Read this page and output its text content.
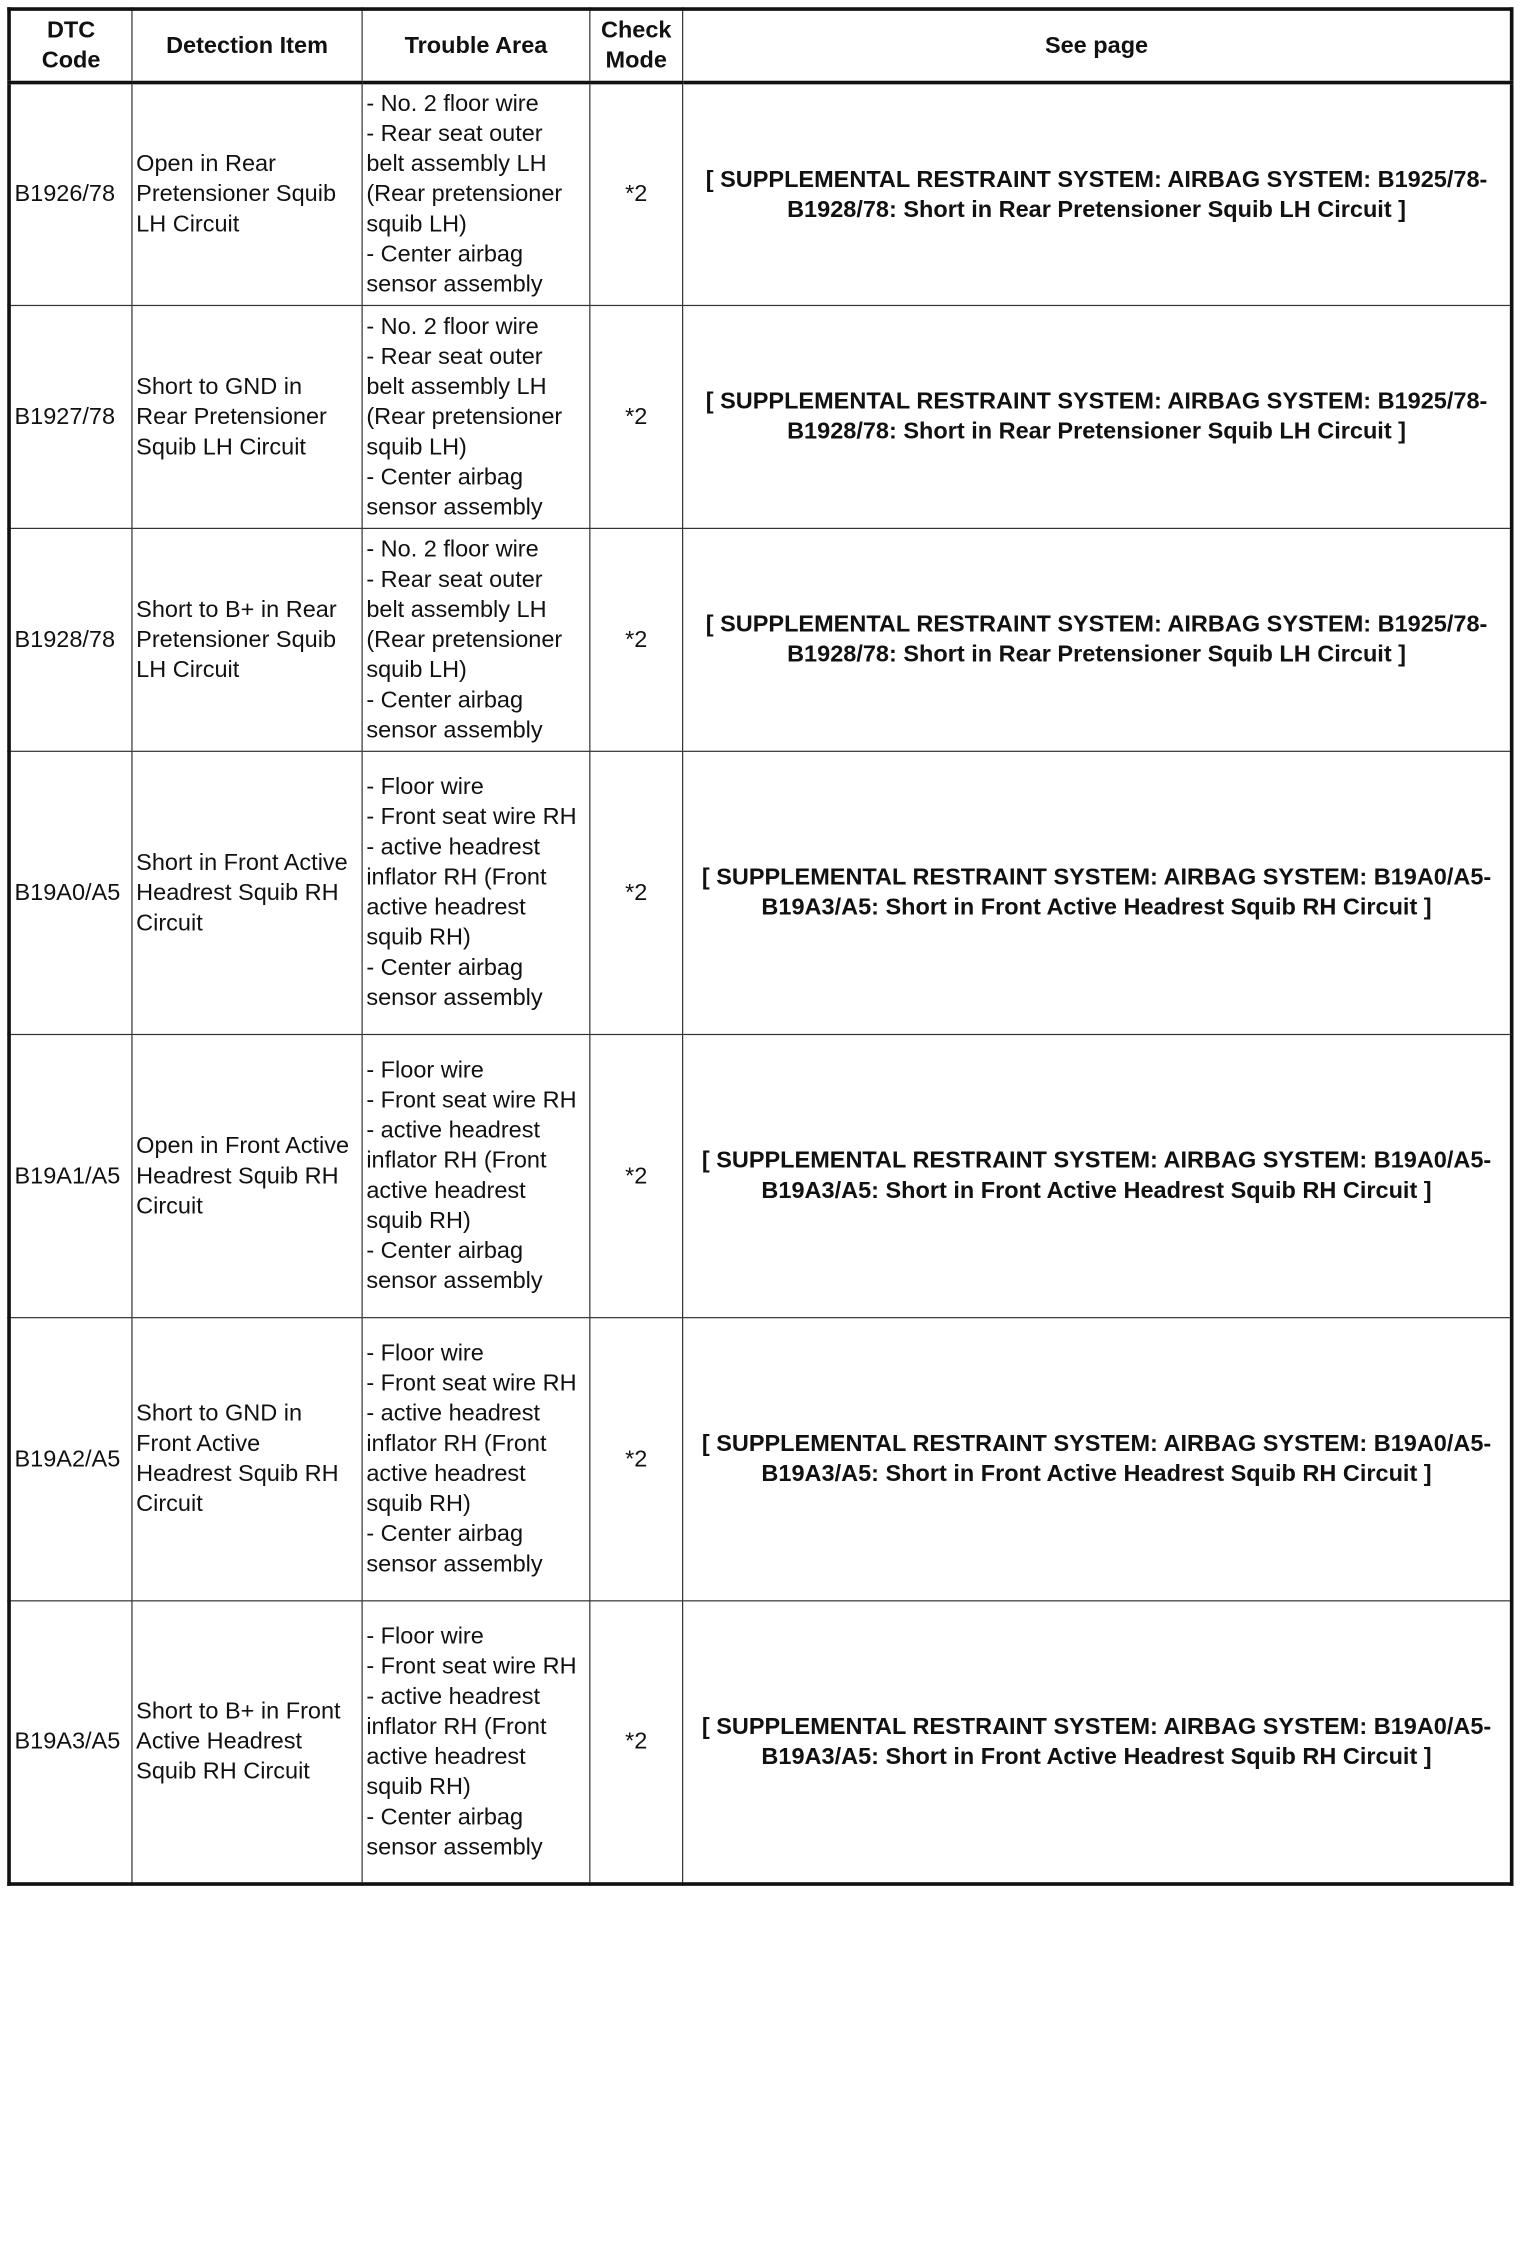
DTC Code	Detection Item	Trouble Area	Check Mode	See page
B1926/78	Open in Rear Pretensioner Squib LH Circuit	- No. 2 floor wire
- Rear seat outer belt assembly LH (Rear pretensioner squib LH)
- Center airbag sensor assembly	*2	[ SUPPLEMENTAL RESTRAINT SYSTEM: AIRBAG SYSTEM: B1925/78-B1928/78: Short in Rear Pretensioner Squib LH Circuit ]
B1927/78	Short to GND in Rear Pretensioner Squib LH Circuit	- No. 2 floor wire
- Rear seat outer belt assembly LH (Rear pretensioner squib LH)
- Center airbag sensor assembly	*2	[ SUPPLEMENTAL RESTRAINT SYSTEM: AIRBAG SYSTEM: B1925/78-B1928/78: Short in Rear Pretensioner Squib LH Circuit ]
B1928/78	Short to B+ in Rear Pretensioner Squib LH Circuit	- No. 2 floor wire
- Rear seat outer belt assembly LH (Rear pretensioner squib LH)
- Center airbag sensor assembly	*2	[ SUPPLEMENTAL RESTRAINT SYSTEM: AIRBAG SYSTEM: B1925/78-B1928/78: Short in Rear Pretensioner Squib LH Circuit ]
B19A0/A5	Short in Front Active Headrest Squib RH Circuit	- Floor wire
- Front seat wire RH
- active headrest inflator RH (Front active headrest squib RH)
- Center airbag sensor assembly	*2	[ SUPPLEMENTAL RESTRAINT SYSTEM: AIRBAG SYSTEM: B19A0/A5-B19A3/A5: Short in Front Active Headrest Squib RH Circuit ]
B19A1/A5	Open in Front Active Headrest Squib RH Circuit	- Floor wire
- Front seat wire RH
- active headrest inflator RH (Front active headrest squib RH)
- Center airbag sensor assembly	*2	[ SUPPLEMENTAL RESTRAINT SYSTEM: AIRBAG SYSTEM: B19A0/A5-B19A3/A5: Short in Front Active Headrest Squib RH Circuit ]
B19A2/A5	Short to GND in Front Active Headrest Squib RH Circuit	- Floor wire
- Front seat wire RH
- active headrest inflator RH (Front active headrest squib RH)
- Center airbag sensor assembly	*2	[ SUPPLEMENTAL RESTRAINT SYSTEM: AIRBAG SYSTEM: B19A0/A5-B19A3/A5: Short in Front Active Headrest Squib RH Circuit ]
B19A3/A5	Short to B+ in Front Active Headrest Squib RH Circuit	- Floor wire
- Front seat wire RH
- active headrest inflator RH (Front active headrest squib RH)
- Center airbag sensor assembly	*2	[ SUPPLEMENTAL RESTRAINT SYSTEM: AIRBAG SYSTEM: B19A0/A5-B19A3/A5: Short in Front Active Headrest Squib RH Circuit ]
